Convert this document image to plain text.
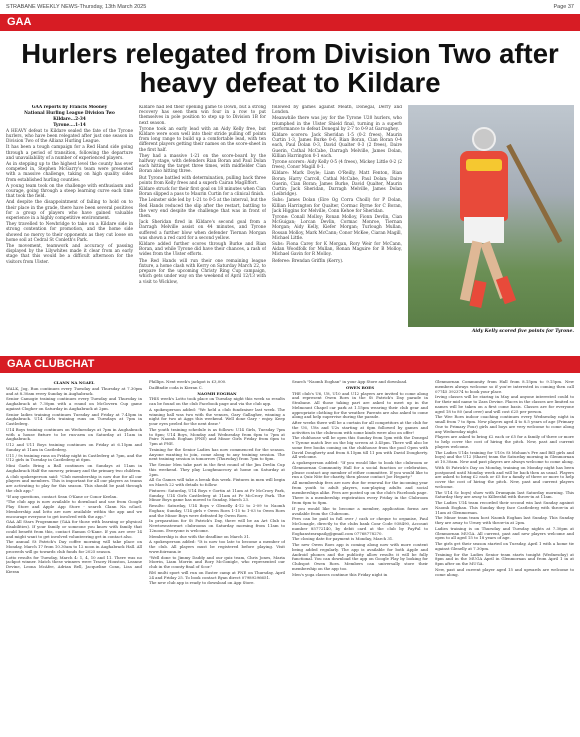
STRABANE WEEKLY NEWS-Thursday, 13th March 2025	Page 37
GAA
Hurlers relegated from Division Two after heavy defeat to Kildare

GAA reports by Francis Mooney

National Hurling League Division Two

Kildare...2-34

Tyrone....1-14

A HEAVY defeat to Kildare sealed the fate of the Tyrone hurlers, who have been relegated after just one season in Division Two of the Allianz Hurling League.

It has been a tough campaign for a Red Hand side going through a period of transition, following the departure and unavailability of a number of experienced players.

As in stepping up to the highest level the county has ever competed in, Stephen McGarry's team were presented with a massive challenge, taking on high quality sides from established hurling counties.

A young team took on the challenge with enthusiasm and courage, going through a steep learning curve each time that took the field.

And despite the disappointment of failing to hold on to their place in the grade, there have been several positives for a group of players who have gained valuable experience in a highly competitive environment.

They travelled to Newbridge to take on a Kildare side in strong contention for promotion, and the home side showed no mercy to their opponents as they cut loose on home soil at Cedral St Conleth's Park.

The movement, teamwork and accuracy of passing displayed by the Lilywhites made it clear from an early stage that this would be a difficult afternoon for the visitors from Ulster.

Kildare had led their opening game to Down, but a strong recovery has seen them win four in a row to put themselves in pole position to step up to Division 1B for next season.

Tyrone took an early lead with an Aidy Kelly free, but Kildare were soon well into their stride pulling off points from long range to build up a comfortable lead, with ten different players getting their names on the score-sheet in the first half.

They had a massive 1-21 on the score-board by the halfway stage, with defenders Rian Boran and Paul Dolan each hitting the target three times, with midfielder Cian Boran also hitting three.

But Tyrone battled with determination, pulling back three points from Kelly frees and a superb Cairan MagEffort.

Kildare struck for their first goal on 18 minutes when Cian Boran slipped a pass to Maurin Curtin for a clinical finish.

The Leinster side led by 1-21 to 0-5 at the interval, but the Red Hands reduced the slip after the restart, battling to the very end despite the challenge that was in front of them.

Jack Sheridan fired in Kildare's second goal from a Darragh Melville assist on 44 minutes, and Tyrone suffered a further blow when defender Tiernan Morgan was shown a red card for a second yellow.

Kildare added further scores through Burke and Rian Boran, and while Tyrone did have their chances, a rash of wides from the Ulster efforts.

The Red Hands will run their one remaining league fixture, a home clash with Kerry on Saturday March 22, to prepare for the upcoming Christy Ring Cup campaign, which gets under way on the weekend of April 12/13 with a visit to Wicklow,

followed by games against Meath, Donegal, Derry and London.

Meanwhile there was joy for the Tyrone U20 hurlers, who triumphed in the Ulster Shield final, turning in a superb performance to defeat Donegal by 2-7 to 0-9 at Garvaghey.

Kildare scorers: Jack Sheridan 1-5 (0-2 frees), Maurin Curtin 1-3, James Burke 0-6, Rian Boran, Cian Boran 0-4 each, Paul Dolan 0-3, David Qualter 0-3 (2 frees), Daire Guerin, Cathal McCabe, Darragh Melville, James Dolan, Killian Harrington 0-1 each.

Tyrone scorers: Aidy Kelly 0-5 (4 frees), Mickey Little 0-2 (2 frees), Conor Magill 0-1.

Kildare: Mark Doyle; Liam O'Reilly, Matt Fenton, Rian Boran; Harry Carroll, Cathal McCabe, Paul Dolan; Daire Guerin, Cian Boran; James Burke, David Qualter, Maurin Curtin; Jack Sheridan, Darragh Melville, James Dolan (Leibridge).

Subs: James Dolan (Eire Og Corra Choill) for P Dolan, Killian Harrington for Qualter, Cormac Byrne for C Boran, Jack Higgins for Melville, Conn Kehoe for Sheridan.

Tyrone: Conall Molloy; Ronan Molloy, Fionn Devlin, Cian McGuigan; Lorcan Devlin, Cormac Monroe, Tiernan Morgan; Aidy Kelly, Kiefer Morgan; Turlough Mullan, Rossan Molloy, Mark McCann; Conor McKee, Ciaran Magill, Michael Little.

Subs: Fiona Carey for K Morgan, Rory Weir for McCann, Aidan Woodfolk for Mullan, Ronan Maguire for B Molloy, Michael Gavin for R Molloy.

Referee: Brendan Griffin (Kerry).

Aidy Kelly scored five points for Tyrone.
GAA CLUBCHAT

CLANN NA NGAEL

WALK, Jog, Run continues every Tuesday and Thursday at 7.30pm and at 8.30am every Sunday in Aughabrack.

Senior Camogie training continues every Tuesday and Thursday in Aughabrack at 7.30pm with a round on McGovern Cup game against Clogher on Saturday in Aughabrack at 2pm.

Senior ladies training continues Tuesday and Friday at 7.45pm in Aughabrack. U14 Girls training runs on Tuesdays at 7pm in Castlederg.

U14 Boys training continues on Wednesdays at 7pm in Aughabrack with a house fixture to be run-arm on Saturday at 11am in Aughabrack.

U12 and U11 Boys training continues on Friday at 6.15pm and Sunday at 11am in Castlederg.

U11 / 9s training runs on Friday night in Castlederg at 7pm, and the U12 girls in Tuesday in Castlederg at 6pm.

Mini Gaels Bring a Ball continues on Sundays at 11am in Aughabrack Half the nursery, primary and the primary two children.

A club spokesperson said: "Club membership is now due for all our players and members. This is important for all our players as teams are activating to play for this season. This should be paid through the club app."

"If any questions, contact Sean O'Kane or Conor Keelan.

"The club app is now available to download and use from Google Play Store and Apple App Store - search Clann Na nGael. Membership and lotto are now available within the app and we encourage everyone to get involved with the app."

GAA All Stars Programme (GAA for those with learning or physical disabilities). If your family or someone you know with family that could benefit from this, contact Eamon O'Kane. If you are over 14 and might want to get involved volunteering get in contact also.

The annual St Patrick's Day coffee morning will take place on Monday, March 17 from 10.30am to 12 noon in Aughabrack Hall. All proceeds will go towards club funds for 2025 season.

Lotto results for Tuesday, March 4: 1, 4, 10 and 11. There was no jackpot winner. Match these winners were Tracey Houston, Leanne Devine, Leona McAfee, Adrian Bell, Jacqueline Conn, Lisa and Kieran

Phillips. Next week's jackpot is £3,000.

Dailfindie coda is Kieran C.

NAOMH EOGHAN

THIS week's Lotto took place on Tuesday night this week so results can be found on the club Facebook page and via the club app.

A spokesperson added: "We held a club fundraiser last week. The winning ball was two with the venues, Gary Gallagher, winning a night for two at Aggs this weekend. Well done Gary - enjoy. Keep your eyes peeled for the next draw."

The youth training schedule is as follows: U14 Girls, Tuesday 7pm to 8pm; U14 Boys, Monday and Wednesday from 6pm to 7pm at Pairc Naomh Eoghan (PNE) and Minor Girls Friday from 6pm to 7pm at PNE.

Training for the Senior Ladies has now commenced for the season. Anyone wanting to join, come along to any training session. The next training session is tomorrow (Thursday) from 7pm to 8pm.

The Senior Men take part in the first round of the Jim Devlin Cup this weekend. They play Loughmacrory at home on Saturday at 2pm.

All Go Games will take a break this week. Fixtures in men will begin on March 22 with details to follow.

Fixtures: Saturday, U14 Boys v Gortin at 11am at Fr McCrory Park, Sunday, U14 Girls Castlederg at 11am at Fr McCrory Park. The Minor Boys game has moved to Sunday, March 23.

Results: Saturday, U14 Boys v Glenelly 4-12 to 2-09 to Naomh Eoghan; Sunday, U14 girls v Owen Roes 1-15 to 1-03 to Owen Roes and the Minor Boys were defeated by Owen Roes.

In preparation for St Patrick's Day, there will be an Art Club in Newtownstewart clubrooms on Saturday morning from 11am to 12noon. Everyone is welcome.

Membership is due with the deadline on March 31.

A spokesperson added: "It is now too late to become a member of the club. All players must be registered before playing. Visit www.foireann.ie

"Well done to Jimmy Daddy and our quiz team, Chris Jones, Maria Morrin, Liam Morrin and Rory McGonigle, who represented our club in the county final of Scor."

RM multi sport will run on Easter camp at PNE on Thursday, April 24 and Friday 25. To book contact Ryan direct 07989296651.

The new club app is ready to download on App Store.

Search "Naomh Eoghan" in your App Store and download.

OWEN ROES

THE club's U6, U8, U10 and U12 players are invited to come along and represent Owen Roes in the St Patrick's Day parade in Strabane. All those taking part are asked to meet up in the Melmount Chapel car park at 1.15pm wearing their club gear and appropriate clothing for the weather. Parents are also asked to come along and help supervise during the parade.

After weeks there will be a curtain for all competitors at the club for the U6, U8s and U2s starting at 6pm followed by games and activities in the clubroom with some kinds were also on offer!

The clubhouse will be open this Sunday from 1pm with the Donegal v Tyrone match live on the big screen at 3.45pm. There will also be some free books coming on the clubhouse from the pool Open with David Dougherty and from 8.15pm till 11 pm with David Dougherty. All welcome.

A spokesperson added: "If you would like to book the clubroom or Glenmornan Community Hall for a social function or celebration, please contact any member of either committee. If you would like to run a Quiz Nite for charity, then please contact Joe Hegarty."

All membership fees are now due for renewal for the incoming year from youth to adult players, non-playing adults and social memberships alike. Fees are posted up on the club's Facebook page.

There is a membership registration every Friday in the Clubroom from 6pm to 8pm.

If you would like to become a member, application forms are available from the Clubroom.

Fees can be paid in full over / cash or cheque to organise, Paul McGonagle, directly to the clubs bank Conr Code 938490, Account number 85772140, by debit card at the club by PayPal to Eoghanstrarapailg@gmail.com 07768778270.

The closing date for payment is Monday, March 31.

The new Owen Roes app is coming along now with more content being added regularly. The app is available for both Apple and Android phones and the publicity allow results it will be fully functional. You can download the app on Google Play by looking for Clubspot Owen Roes. Members can universally store their membership on the app too.

Men's yoga classes continue this Friday night in

Glenmornan Community from Hall from 8.15pm to 9.15pm. New members always welcome so if you're interested in coming then call 07745 392374 to book your place.

Irving classes will be staring in May and anyone interested could to for their mid name to Zara Devine. Places in the classes are limited so names will be taken on a first come basis. Classes are for everyone aged 18 to 80 (and over) and will cost £25 per person.

The Wee Roes indoor coaching continues every Wednesday night in small from 7 to 8pm. New players aged 4 to 8.5 years of age (Primary One to Primary Four) girls and boys are very welcome to come along any Wednesday night.

Players are asked to bring £2 each or £5 for a family of three or more to help cover the cost of hiring the pitch. New, past and current players welcome.

The Ladies U14s training for U10s St Moluan's Pre and Bill girls and boys) and the U12 (Share) team the Saturday morning in Glenmornan at 10.30am. New and past players are always welcome to come along.

With St Patrick's Day on Monday, training on Monday night has been postponed until Monday week and will be back then as usual. Players are asked to bring £2 each or £5 for a family of three or more to help cover the cost of hiring the pitch. New, past and current players welcome.

The U14 Sc boys) show with Drumquin last Saturday morning. This Saturday they are away to Killeeshil with throw-in at 11am.

The Ladies U14 team recorded their second win last Sunday against Naomh Eoghan. This Sunday they face Castlederg with throw-in at 11am at Glenmornan.

The Minor team team host Naomh Eoghan last Sunday. This Sunday they are away to Urney with throw-in at 2pm.

Ladies training is on Thursday and Tuesday nights at 7.30pm at Glenmornan MUGA. All current, past and new players welcome and open to all aged 15 to 18 years of age.

The girls get their season started on Tuesday, April 1 with a home tie against Glenelly at 7.30pm.

Training for the Ladies Senior team starts tonight (Wednesday) at 8pm and in the MUGA April in Glenmornan and from April 1 in at 8pm after on the MUGA.

New, past and current player aged 15 and upwards are welcome to come along.
